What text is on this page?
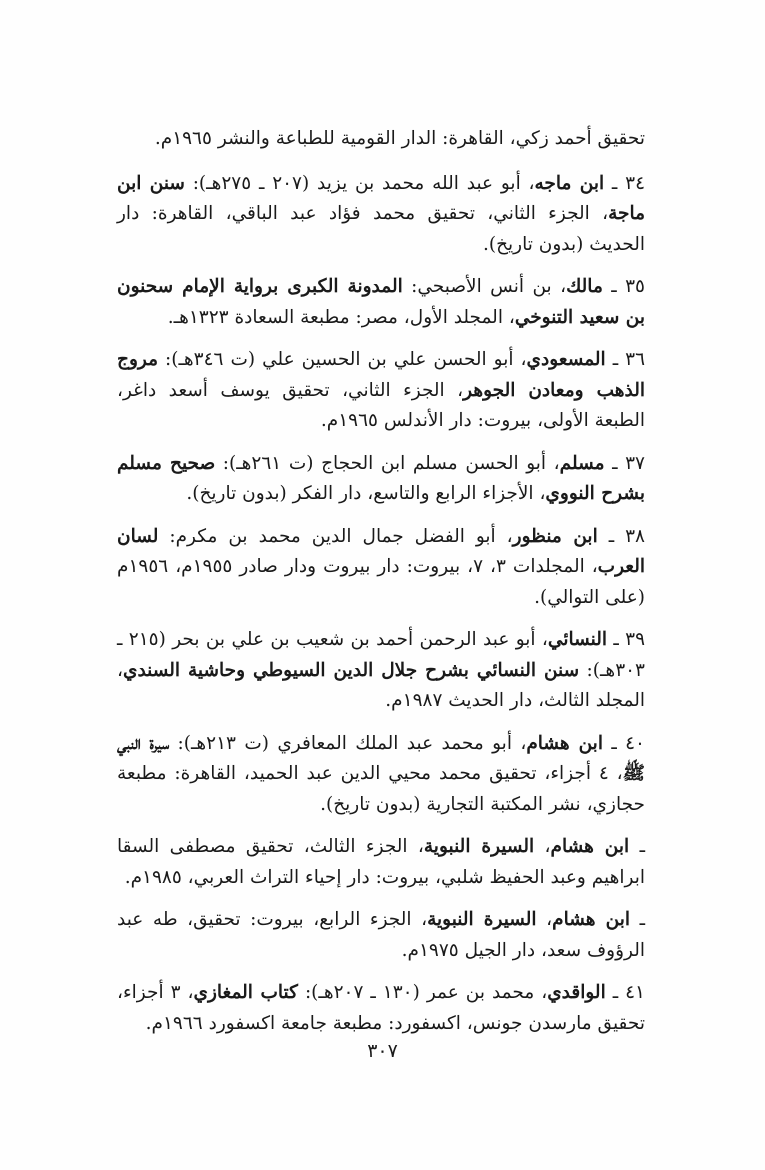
تحقيق أحمد زكي، القاهرة: الدار القومية للطباعة والنشر ١٩٦٥م.

٣٤ ـ ابن ماجه، أبو عبد الله محمد بن يزيد (٢٠٧ ـ ٢٧٥هـ): سنن ابن ماجة، الجزء الثاني، تحقيق محمد فؤاد عبد الباقي، القاهرة: دار الحديث (بدون تاريخ).

٣٥ ـ مالك، بن أنس الأصبحي: المدونة الكبرى برواية الإمام سحنون بن سعيد التنوخي، المجلد الأول، مصر: مطبعة السعادة ١٣٢٣هـ.

٣٦ ـ المسعودي، أبو الحسن علي بن الحسين علي (ت ٣٤٦هـ): مروج الذهب ومعادن الجوهر، الجزء الثاني، تحقيق يوسف أسعد داغر، الطبعة الأولى، بيروت: دار الأندلس ١٩٦٥م.

٣٧ ـ مسلم، أبو الحسن مسلم ابن الحجاج (ت ٢٦١هـ): صحيح مسلم بشرح النووي، الأجزاء الرابع والتاسع، دار الفكر (بدون تاريخ).

٣٨ ـ ابن منظور، أبو الفضل جمال الدين محمد بن مكرم: لسان العرب، المجلدات ٣، ٧، بيروت: دار بيروت ودار صادر ١٩٥٥م، ١٩٥٦م (على التوالي).

٣٩ ـ النسائي، أبو عبد الرحمن أحمد بن شعيب بن علي بن بحر (٢١٥ ـ ٣٠٣هـ): سنن النسائي بشرح جلال الدين السيوطي وحاشية السندي، المجلد الثالث، دار الحديث ١٩٨٧م.

٤٠ ـ ابن هشام، أبو محمد عبد الملك المعافري (ت ٢١٣هـ): سيرة النبي ﷺ، ٤ أجزاء، تحقيق محمد محيي الدين عبد الحميد، القاهرة: مطبعة حجازي، نشر المكتبة التجارية (بدون تاريخ).

ـ ابن هشام، السيرة النبوية، الجزء الثالث، تحقيق مصطفى السقا ابراهيم وعبد الحفيظ شلبي، بيروت: دار إحياء التراث العربي، ١٩٨٥م.

ـ ابن هشام، السيرة النبوية، الجزء الرابع، بيروت: تحقيق، طه عبد الرؤوف سعد، دار الجيل ١٩٧٥م.

٤١ ـ الواقدي، محمد بن عمر (١٣٠ ـ ٢٠٧هـ): كتاب المغازي، ٣ أجزاء، تحقيق مارسدن جونس، اكسفورد: مطبعة جامعة اكسفورد ١٩٦٦م.

٣٠٧
